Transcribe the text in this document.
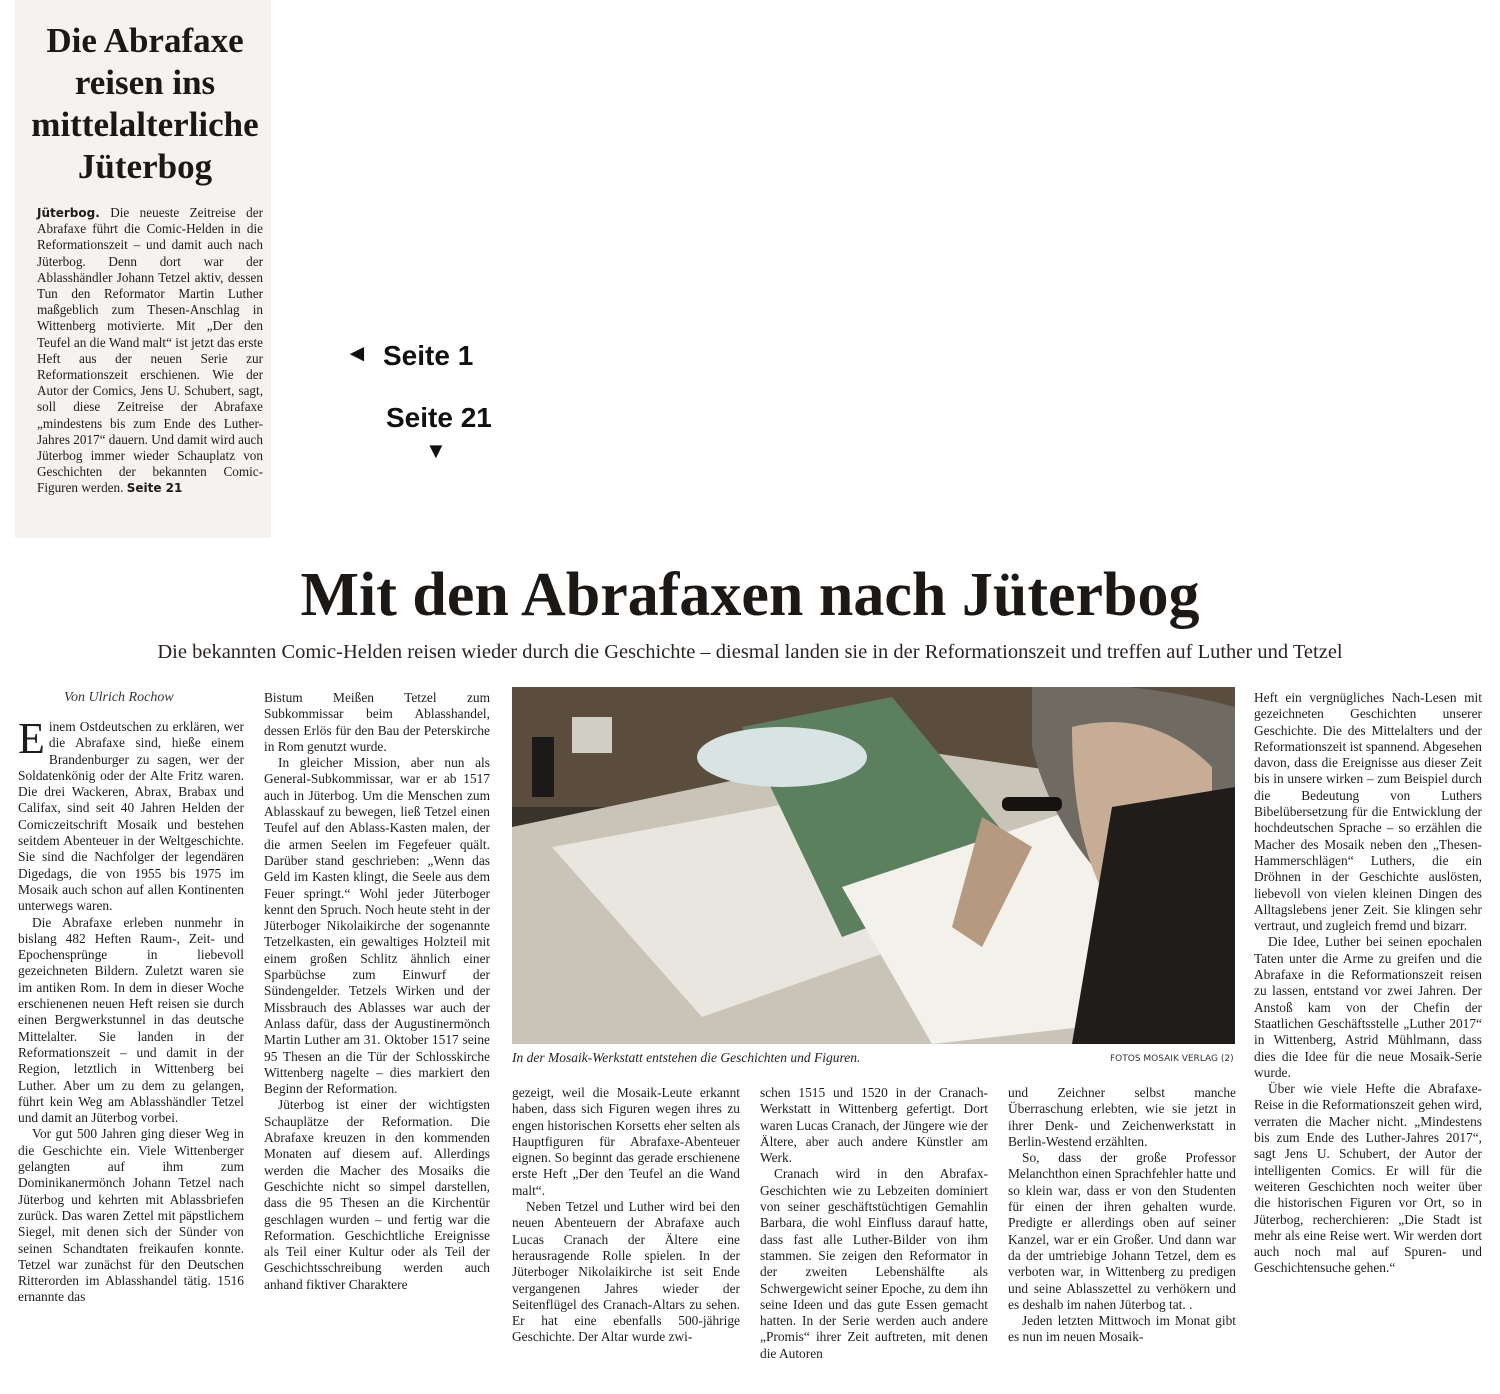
Die Abrafaxe
reisen ins
mittelalterliche
Jüterbog
Jüterbog. Die neueste Zeitreise der Abrafaxe führt die Comic-Helden in die Reformationszeit – und damit auch nach Jüterbog. Denn dort war der Ablasshändler Johann Tetzel aktiv, dessen Tun den Reformator Martin Luther maßgeblich zum Thesen-Anschlag in Wittenberg motivierte. Mit „Der den Teufel an die Wand malt“ ist jetzt das erste Heft aus der neuen Serie zur Reformationszeit erschienen. Wie der Autor der Comics, Jens U. Schubert, sagt, soll diese Zeitreise der Abrafaxe „mindestens bis zum Ende des Luther-Jahres 2017“ dauern. Und damit wird auch Jüterbog immer wieder Schauplatz von Geschichten der bekannten Comic-Figuren werden. Seite 21
◄ Seite 1
Seite 21
▼
Mit den Abrafaxen nach Jüterbog
Die bekannten Comic-Helden reisen wieder durch die Geschichte – diesmal landen sie in der Reformationszeit und treffen auf Luther und Tetzel
Von Ulrich Rochow

Einem Ostdeutschen zu erklären, wer die Abrafaxe sind, hieße einem Brandenburger zu sagen, wer der Soldatenkönig oder der Alte Fritz waren. Die drei Wackeren, Abrax, Brabax und Califax, sind seit 40 Jahren Helden der Comiczeitschrift Mosaik und bestehen seitdem Abenteuer in der Weltgeschichte. Sie sind die Nachfolger der legendären Digedags, die von 1955 bis 1975 im Mosaik auch schon auf allen Kontinenten unterwegs waren.

Die Abrafaxe erleben nunmehr in bislang 482 Heften Raum-, Zeit- und Epochensprünge in liebevoll gezeichneten Bildern. Zuletzt waren sie im antiken Rom. In dem in dieser Woche erschienenen neuen Heft reisen sie durch einen Bergwerkstunnel in das deutsche Mittelalter. Sie landen in der Reformationszeit – und damit in der Region, letztlich in Wittenberg bei Luther. Aber um zu dem zu gelangen, führt kein Weg am Ablasshändler Tetzel und damit an Jüterbog vorbei.

Vor gut 500 Jahren ging dieser Weg in die Geschichte ein. Viele Wittenberger gelangten auf ihm zum Dominikanermönch Johann Tetzel nach Jüterbog und kehrten mit Ablassbriefen zurück. Das waren Zettel mit päpstlichem Siegel, mit denen sich der Sünder von seinen Schandtaten freikaufen konnte. Tetzel war zunächst für den Deutschen Ritterorden im Ablasshandel tätig. 1516 ernannte das

Bistum Meißen Tetzel zum Subkommissar beim Ablasshandel, dessen Erlös für den Bau der Peterskirche in Rom genutzt wurde.

In gleicher Mission, aber nun als General-Subkommissar, war er ab 1517 auch in Jüterbog. Um die Menschen zum Ablasskauf zu bewegen, ließ Tetzel einen Teufel auf den Ablass-Kasten malen, der die armen Seelen im Fegefeuer quält. Darüber stand geschrieben: „Wenn das Geld im Kasten klingt, die Seele aus dem Feuer springt.“ Wohl jeder Jüterboger kennt den Spruch. Noch heute steht in der Jüterboger Nikolaikirche der sogenannte Tetzelkasten, ein gewaltiges Holzteil mit einem großen Schlitz ähnlich einer Sparbüchse zum Einwurf der Sündengelder. Tetzels Wirken und der Missbrauch des Ablasses war auch der Anlass dafür, dass der Augustinermönch Martin Luther am 31. Oktober 1517 seine 95 Thesen an die Tür der Schlosskirche Wittenberg nagelte – dies markiert den Beginn der Reformation.

Jüterbog ist einer der wichtigsten Schauplätze der Reformation. Die Abrafaxe kreuzen in den kommenden Monaten auf diesem auf. Allerdings werden die Macher des Mosaiks die Geschichte nicht so simpel darstellen, dass die 95 Thesen an die Kirchentür geschlagen wurden – und fertig war die Reformation. Geschichtliche Ereignisse als Teil einer Kultur oder als Teil der Geschichtsschreibung werden auch anhand fiktiver Charaktere

In der Mosaik-Werkstatt entstehen die Geschichten und Figuren.	FOTOS MOSAIK VERLAG (2)

gezeigt, weil die Mosaik-Leute erkannt haben, dass sich Figuren wegen ihres zu engen historischen Korsetts eher selten als Hauptfiguren für Abrafaxe-Abenteuer eignen. So beginnt das gerade erschienene erste Heft „Der den Teufel an die Wand malt“.

Neben Tetzel und Luther wird bei den neuen Abenteuern der Abrafaxe auch Lucas Cranach der Ältere eine herausragende Rolle spielen. In der Jüterboger Nikolaikirche ist seit Ende vergangenen Jahres wieder der Seitenflügel des Cranach-Altars zu sehen. Er hat eine ebenfalls 500-jährige Geschichte. Der Altar wurde zwi-

schen 1515 und 1520 in der Cranach-Werkstatt in Wittenberg gefertigt. Dort waren Lucas Cranach, der Jüngere wie der Ältere, aber auch andere Künstler am Werk.

Cranach wird in den Abrafax-Geschichten wie zu Lebzeiten dominiert von seiner geschäftstüchtigen Gemahlin Barbara, die wohl Einfluss darauf hatte, dass fast alle Luther-Bilder von ihm stammen. Sie zeigen den Reformator in der zweiten Lebenshälfte als Schwergewicht seiner Epoche, zu dem ihn seine Ideen und das gute Essen gemacht hatten. In der Serie werden auch andere „Promis“ ihrer Zeit auftreten, mit denen die Autoren

und Zeichner selbst manche Überraschung erlebten, wie sie jetzt in ihrer Denk- und Zeichenwerkstatt in Berlin-Westend erzählten.

So, dass der große Professor Melanchthon einen Sprachfehler hatte und so klein war, dass er von den Studenten für einen der ihren gehalten wurde. Predigte er allerdings oben auf seiner Kanzel, war er ein Großer. Und dann war da der umtriebige Johann Tetzel, dem es verboten war, in Wittenberg zu predigen und seine Ablasszettel zu verhökern und es deshalb im nahen Jüterbog tat. .

Jeden letzten Mittwoch im Monat gibt es nun im neuen Mosaik-

Heft ein vergnügliches Nach-Lesen mit gezeichneten Geschichten unserer Geschichte. Die des Mittelalters und der Reformationszeit ist spannend. Abgesehen davon, dass die Ereignisse aus dieser Zeit bis in unsere wirken – zum Beispiel durch die Bedeutung von Luthers Bibelübersetzung für die Entwicklung der hochdeutschen Sprache – so erzählen die Macher des Mosaik neben den „Thesen-Hammerschlägen“ Luthers, die ein Dröhnen in der Geschichte auslösten, liebevoll von vielen kleinen Dingen des Alltagslebens jener Zeit. Sie klingen sehr vertraut, und zugleich fremd und bizarr.

Die Idee, Luther bei seinen epochalen Taten unter die Arme zu greifen und die Abrafaxe in die Reformationszeit reisen zu lassen, entstand vor zwei Jahren. Der Anstoß kam von der Chefin der Staatlichen Geschäftsstelle „Luther 2017“ in Wittenberg, Astrid Mühlmann, dass dies die Idee für die neue Mosaik-Serie wurde.

Über wie viele Hefte die Abrafaxe-Reise in die Reformationszeit gehen wird, verraten die Macher nicht. „Mindestens bis zum Ende des Luther-Jahres 2017“, sagt Jens U. Schubert, der Autor der intelligenten Comics. Er will für die weiteren Geschichten noch weiter über die historischen Figuren vor Ort, so in Jüterbog, recherchieren: „Die Stadt ist mehr als eine Reise wert. Wir werden dort auch noch mal auf Spuren- und Geschichtensuche gehen.“
